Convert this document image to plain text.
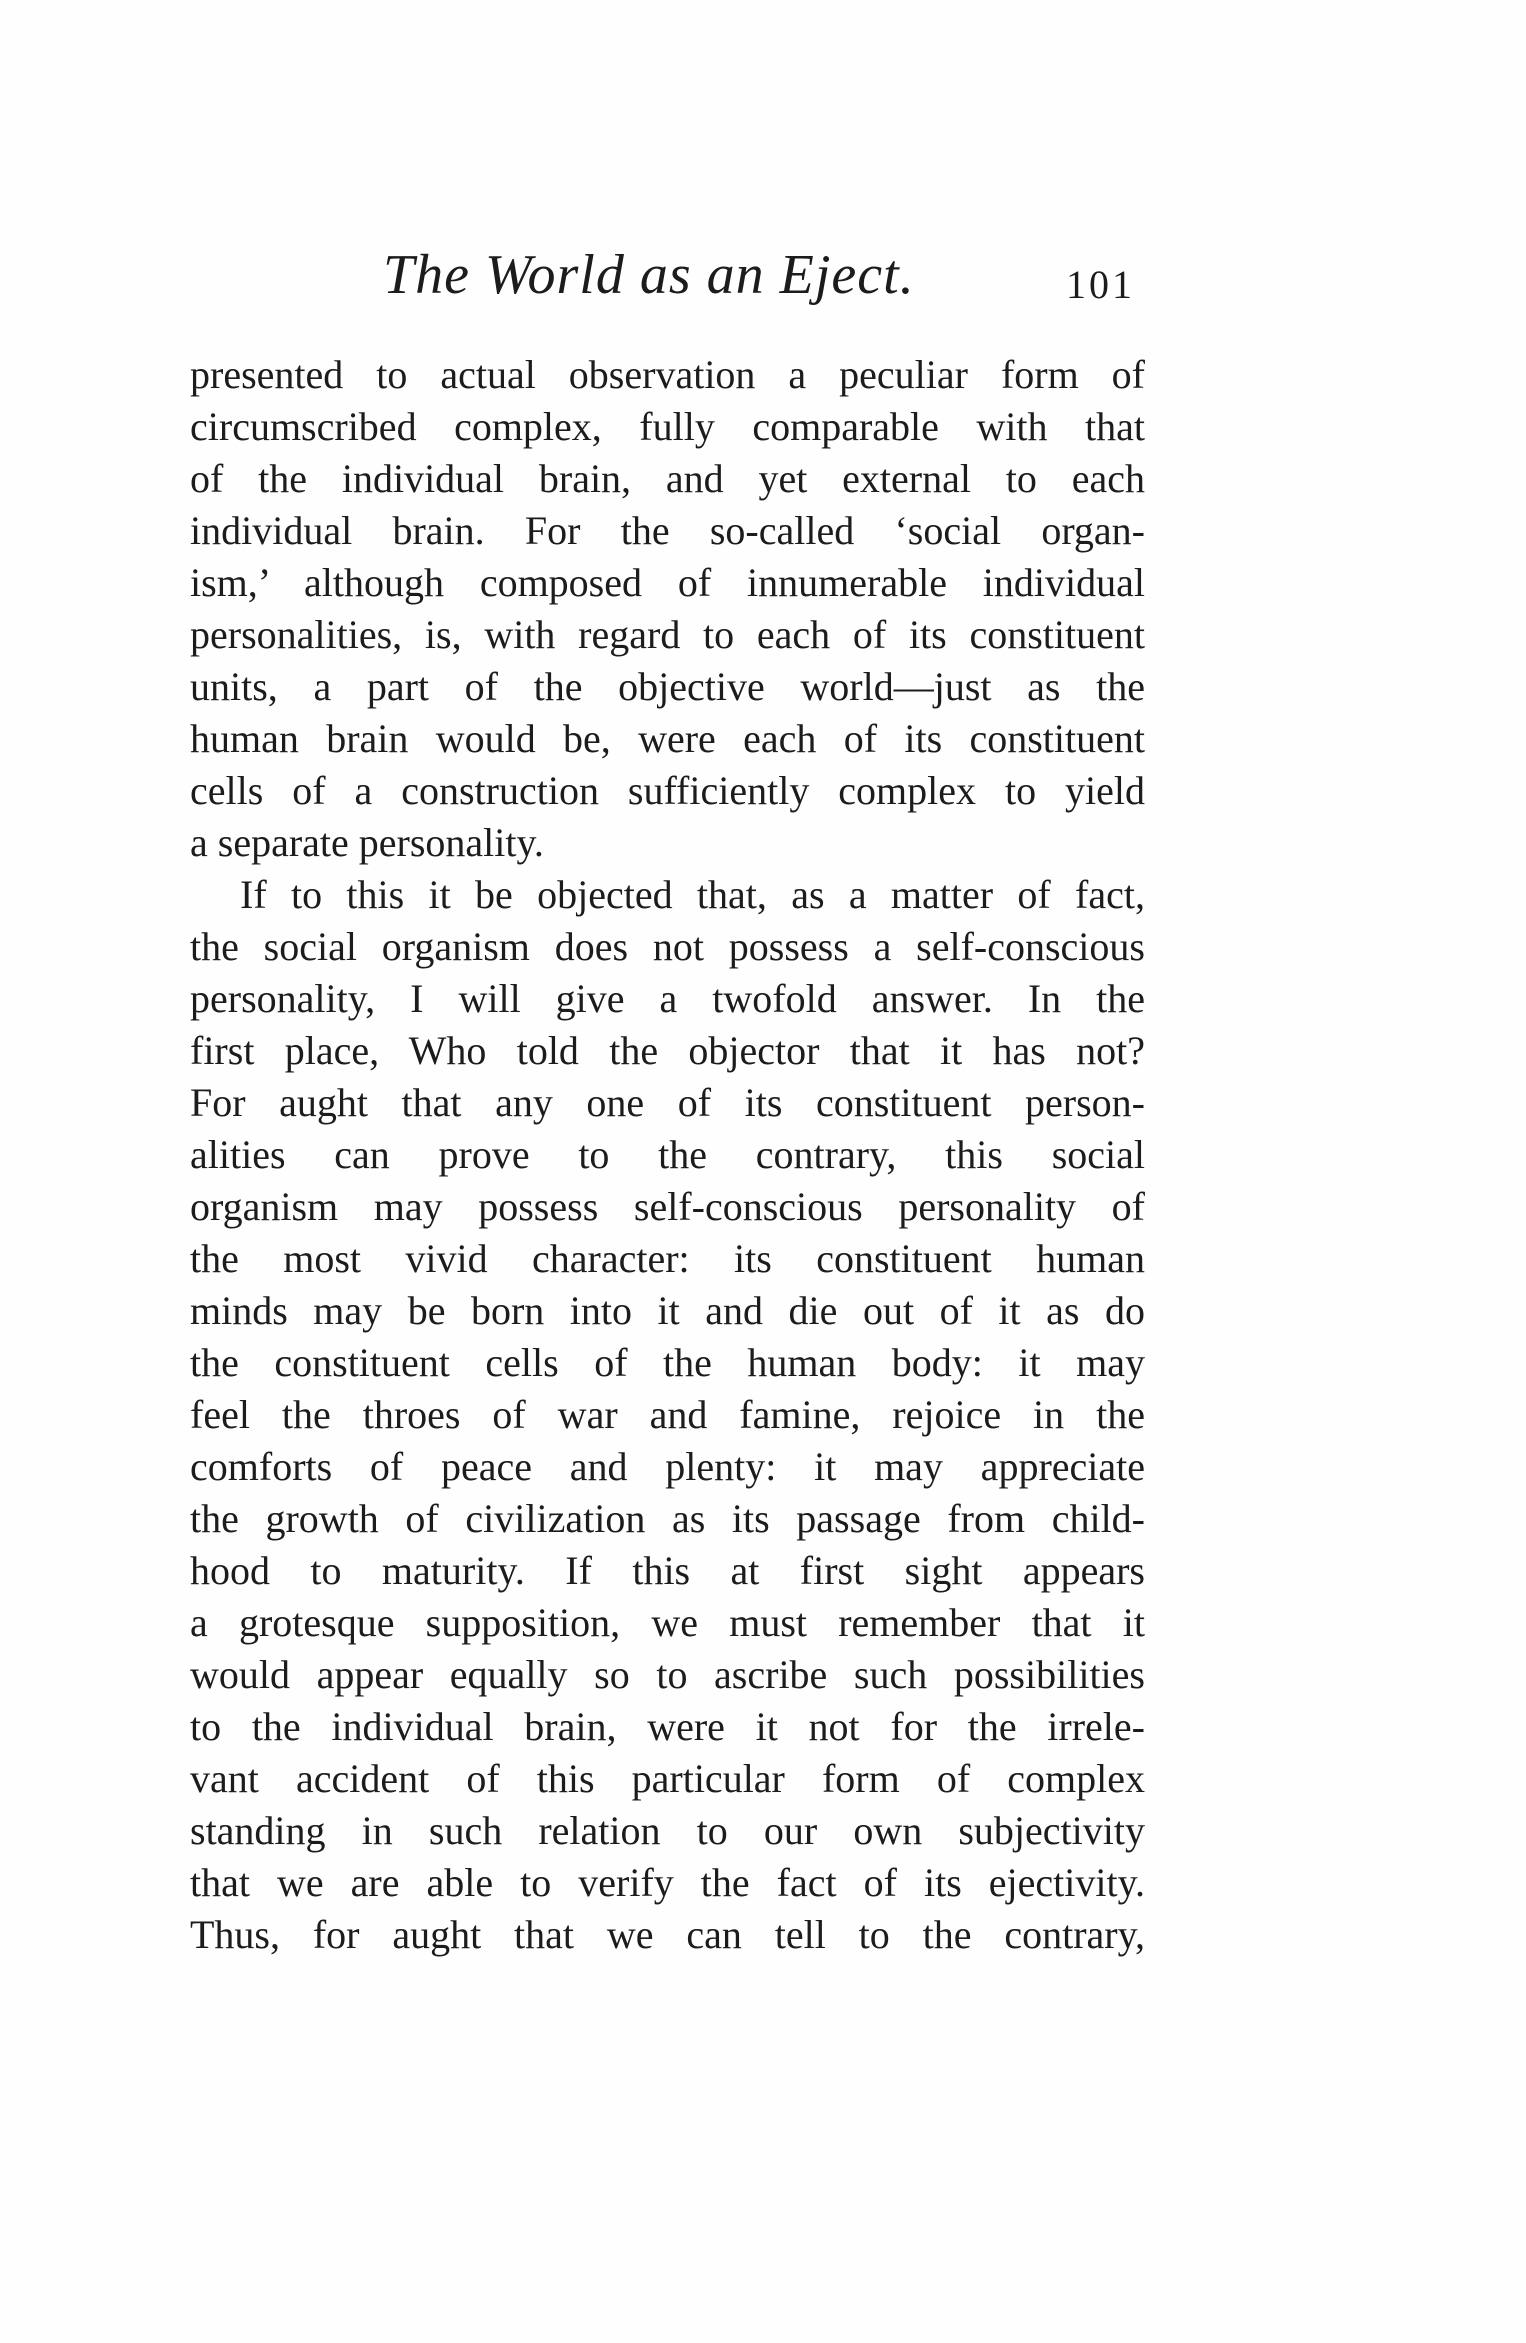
The World as an Eject.	101
presented to actual observation a peculiar form of
circumscribed complex, fully comparable with that
of the individual brain, and yet external to each
individual brain. For the so-called ‘social organ-
ism,’ although composed of innumerable individual
personalities, is, with regard to each of its constituent
units, a part of the objective world—just as the
human brain would be, were each of its constituent
cells of a construction sufficiently complex to yield
a separate personality.
If to this it be objected that, as a matter of fact,
the social organism does not possess a self-conscious
personality, I will give a twofold answer. In the
first place, Who told the objector that it has not?
For aught that any one of its constituent person-
alities can prove to the contrary, this social
organism may possess self-conscious personality of
the most vivid character: its constituent human
minds may be born into it and die out of it as do
the constituent cells of the human body: it may
feel the throes of war and famine, rejoice in the
comforts of peace and plenty: it may appreciate
the growth of civilization as its passage from child-
hood to maturity. If this at first sight appears
a grotesque supposition, we must remember that it
would appear equally so to ascribe such possibilities
to the individual brain, were it not for the irrele-
vant accident of this particular form of complex
standing in such relation to our own subjectivity
that we are able to verify the fact of its ejectivity.
Thus, for aught that we can tell to the contrary,
